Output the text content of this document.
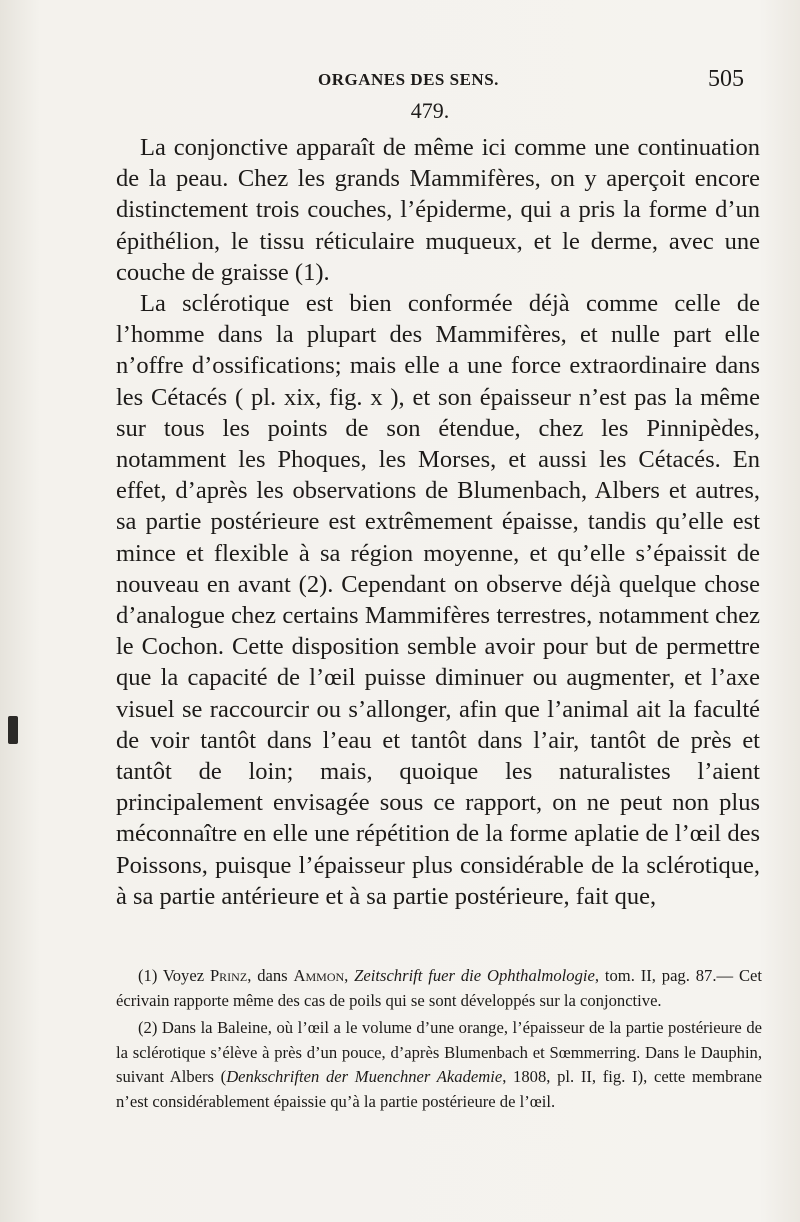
ORGANES DES SENS.	505
479.

La conjonctive apparaît de même ici comme une continuation de la peau. Chez les grands Mammifères, on y aperçoit encore distinctement trois couches, l’épiderme, qui a pris la forme d’un épithélion, le tissu réticulaire muqueux, et le derme, avec une couche de graisse (1).

La sclérotique est bien conformée déjà comme celle de l’homme dans la plupart des Mammifères, et nulle part elle n’offre d’ossifications; mais elle a une force extraordinaire dans les Cétacés ( pl. xix, fig. x ), et son épaisseur n’est pas la même sur tous les points de son étendue, chez les Pinnipèdes, notamment les Phoques, les Morses, et aussi les Cétacés. En effet, d’après les observations de Blumenbach, Albers et autres, sa partie postérieure est extrêmement épaisse, tandis qu’elle est mince et flexible à sa région moyenne, et qu’elle s’épaissit de nouveau en avant (2). Cependant on observe déjà quelque chose d’analogue chez certains Mammifères terrestres, notamment chez le Cochon. Cette disposition semble avoir pour but de permettre que la capacité de l’œil puisse diminuer ou augmenter, et l’axe visuel se raccourcir ou s’allonger, afin que l’animal ait la faculté de voir tantôt dans l’eau et tantôt dans l’air, tantôt de près et tantôt de loin; mais, quoique les naturalistes l’aient principalement envisagée sous ce rapport, on ne peut non plus méconnaître en elle une répétition de la forme aplatie de l’œil des Poissons, puisque l’épaisseur plus considérable de la sclérotique, à sa partie antérieure et à sa partie postérieure, fait que,

(1) Voyez Prinz, dans Ammon, Zeitschrift fuer die Ophthalmologie, tom. II, pag. 87.— Cet écrivain rapporte même des cas de poils qui se sont développés sur la conjonctive.

(2) Dans la Baleine, où l’œil a le volume d’une orange, l’épaisseur de la partie postérieure de la sclérotique s’élève à près d’un pouce, d’après Blumenbach et Sœmmerring. Dans le Dauphin, suivant Albers (Denkschriften der Muenchner Akademie, 1808, pl. II, fig. I), cette membrane n’est considérablement épaissie qu’à la partie postérieure de l’œil.
